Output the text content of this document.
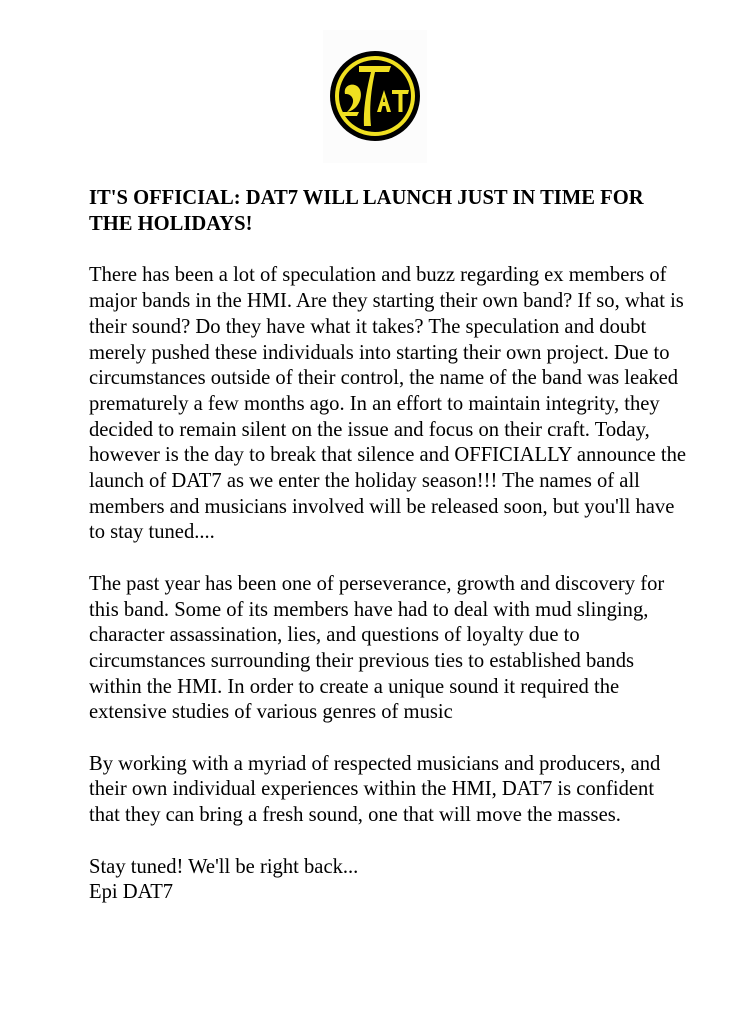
IT'S OFFICIAL: DAT7 WILL LAUNCH JUST IN TIME FOR THE HOLIDAYS!

There has been a lot of speculation and buzz regarding ex members of major bands in the HMI. Are they starting their own band? If so, what is their sound? Do they have what it takes? The speculation and doubt merely pushed these individuals into starting their own project. Due to circumstances outside of their control, the name of the band was leaked prematurely a few months ago. In an effort to maintain integrity, they decided to remain silent on the issue and focus on their craft. Today, however is the day to break that silence and OFFICIALLY announce the launch of DAT7 as we enter the holiday season!!! The names of all members and musicians involved will be released soon, but you'll have to stay tuned....

The past year has been one of perseverance, growth and discovery for this band. Some of its members have had to deal with mud slinging, character assassination, lies, and questions of loyalty due to circumstances surrounding their previous ties to established bands within the HMI. In order to create a unique sound it required the extensive studies of various genres of music

By working with a myriad of respected musicians and producers, and their own individual experiences within the HMI, DAT7 is confident that they can bring a fresh sound, one that will move the masses.

Stay tuned! We'll be right back...

Epi DAT7
